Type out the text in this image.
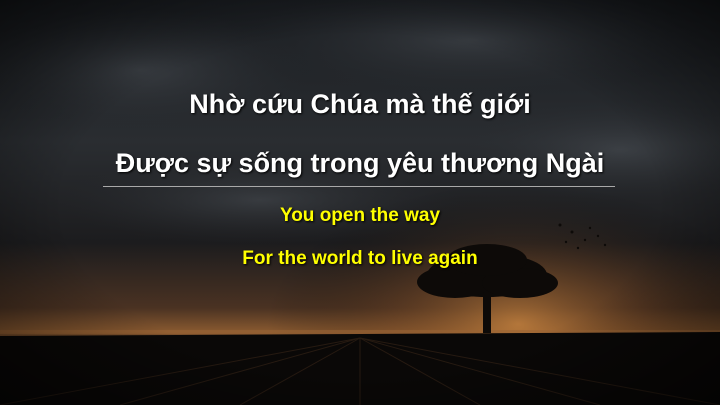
Nhờ cứu Chúa mà thế giới
Được sự sống trong yêu thương Ngài
You open the way
For the world to live again
